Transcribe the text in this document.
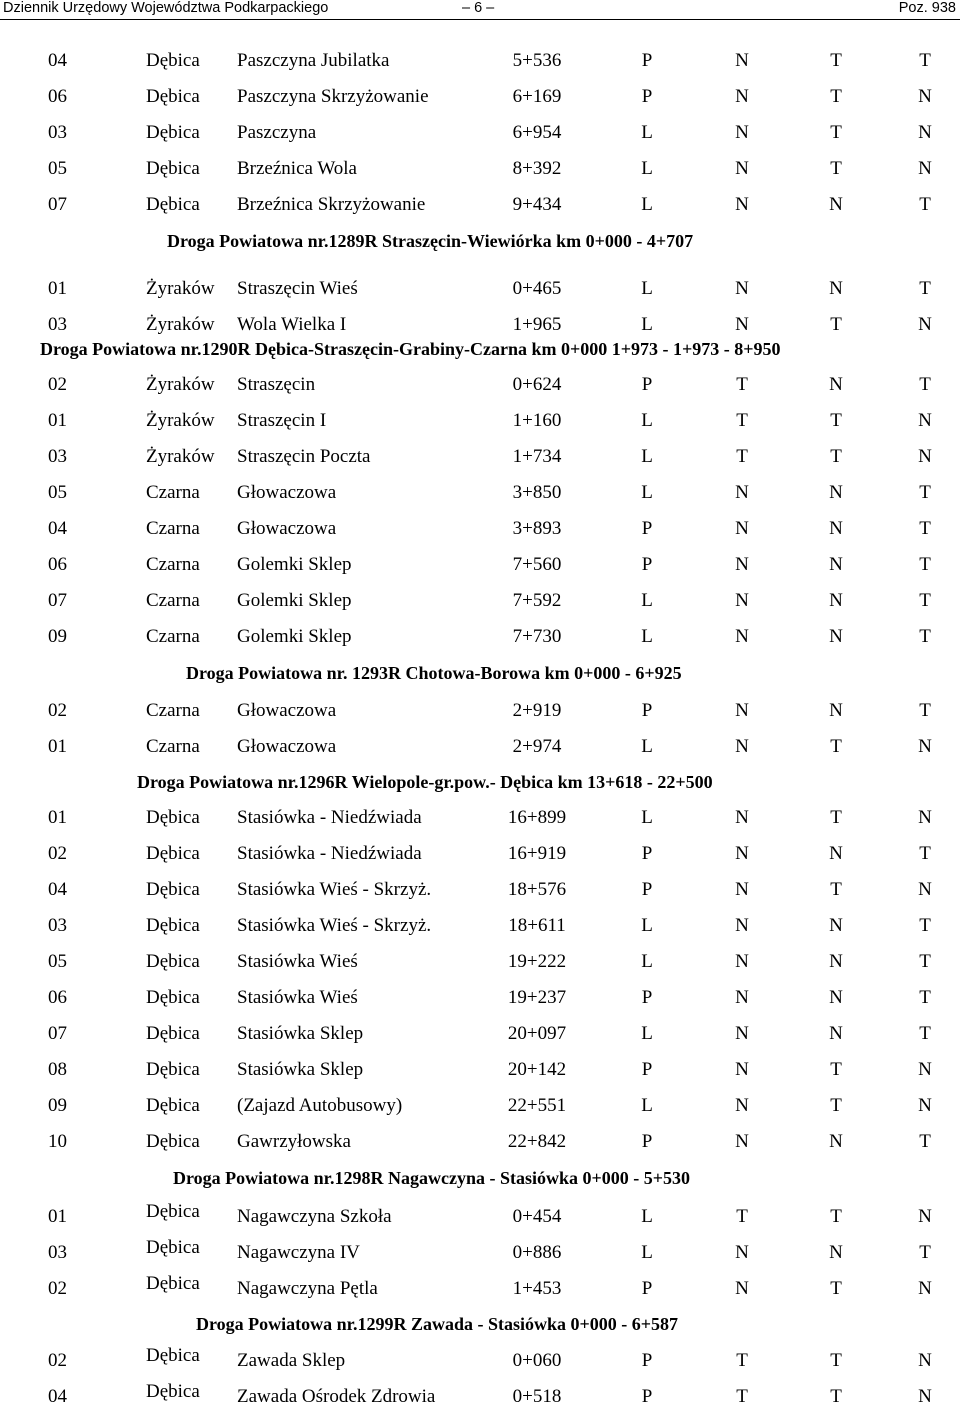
Dziennik Urzędowy Województwa Podkarpackiego	– 6 –	Poz. 938
04	Dębica Paszczyna Jubilatka	5+536	P	N	T	T
06	Dębica Paszczyna Skrzyżowanie	6+169	P	N	T	N
03	Dębica Paszczyna	6+954	L	N	T	N
05	Dębica Brzeźnica Wola	8+392	L	N	T	N
07	Dębica Brzeźnica Skrzyżowanie	9+434	L	N	N	T
Droga Powiatowa nr.1289R Straszęcin-Wiewiórka km 0+000 - 4+707
01	Żyraków Straszęcin Wieś	0+465	L	N	N	T
03	Żyraków Wola Wielka I	1+965	L	N	T	N
Droga Powiatowa nr.1290R Dębica-Straszęcin-Grabiny-Czarna km 0+000 1+973 - 1+973 - 8+950
02	Żyraków Straszęcin	0+624	P	T	N	T
01	Żyraków Straszęcin I	1+160	L	T	T	N
03	Żyraków Straszęcin Poczta	1+734	L	T	T	N
05	Czarna Głowaczowa	3+850	L	N	N	T
04	Czarna Głowaczowa	3+893	P	N	N	T
06	Czarna Golemki Sklep	7+560	P	N	N	T
07	Czarna Golemki Sklep	7+592	L	N	N	T
09	Czarna Golemki Sklep	7+730	L	N	N	T
Droga Powiatowa nr. 1293R Chotowa-Borowa km 0+000 - 6+925
02	Czarna Głowaczowa	2+919	P	N	N	T
01	Czarna Głowaczowa	2+974	L	N	T	N
Droga Powiatowa nr.1296R Wielopole-gr.pow.- Dębica km 13+618 - 22+500
01	Dębica Stasiówka - Niedźwiada	16+899	L	N	T	N
02	Dębica Stasiówka - Niedźwiada	16+919	P	N	N	T
04	Dębica Stasiówka Wieś - Skrzyż.	18+576	P	N	T	N
03	Dębica Stasiówka Wieś - Skrzyż.	18+611	L	N	N	T
05	Dębica Stasiówka Wieś	19+222	L	N	N	T
06	Dębica Stasiówka Wieś	19+237	P	N	N	T
07	Dębica Stasiówka Sklep	20+097	L	N	N	T
08	Dębica Stasiówka Sklep	20+142	P	N	T	N
09	Dębica (Zajazd Autobusowy)	22+551	L	N	T	N
10	Dębica Gawrzyłowska	22+842	P	N	N	T
Droga Powiatowa nr.1298R Nagawczyna - Stasiówka 0+000 - 5+530
01	Dębica Nagawczyna Szkoła	0+454	L	T	T	N
03	Dębica Nagawczyna IV	0+886	L	N	N	T
02	Dębica Nagawczyna Pętla	1+453	P	N	T	N
Droga Powiatowa nr.1299R Zawada - Stasiówka 0+000 - 6+587
02	Dębica Zawada Sklep	0+060	P	T	T	N
04	Dębica Zawada Ośrodek Zdrowia	0+518	P	T	T	N
